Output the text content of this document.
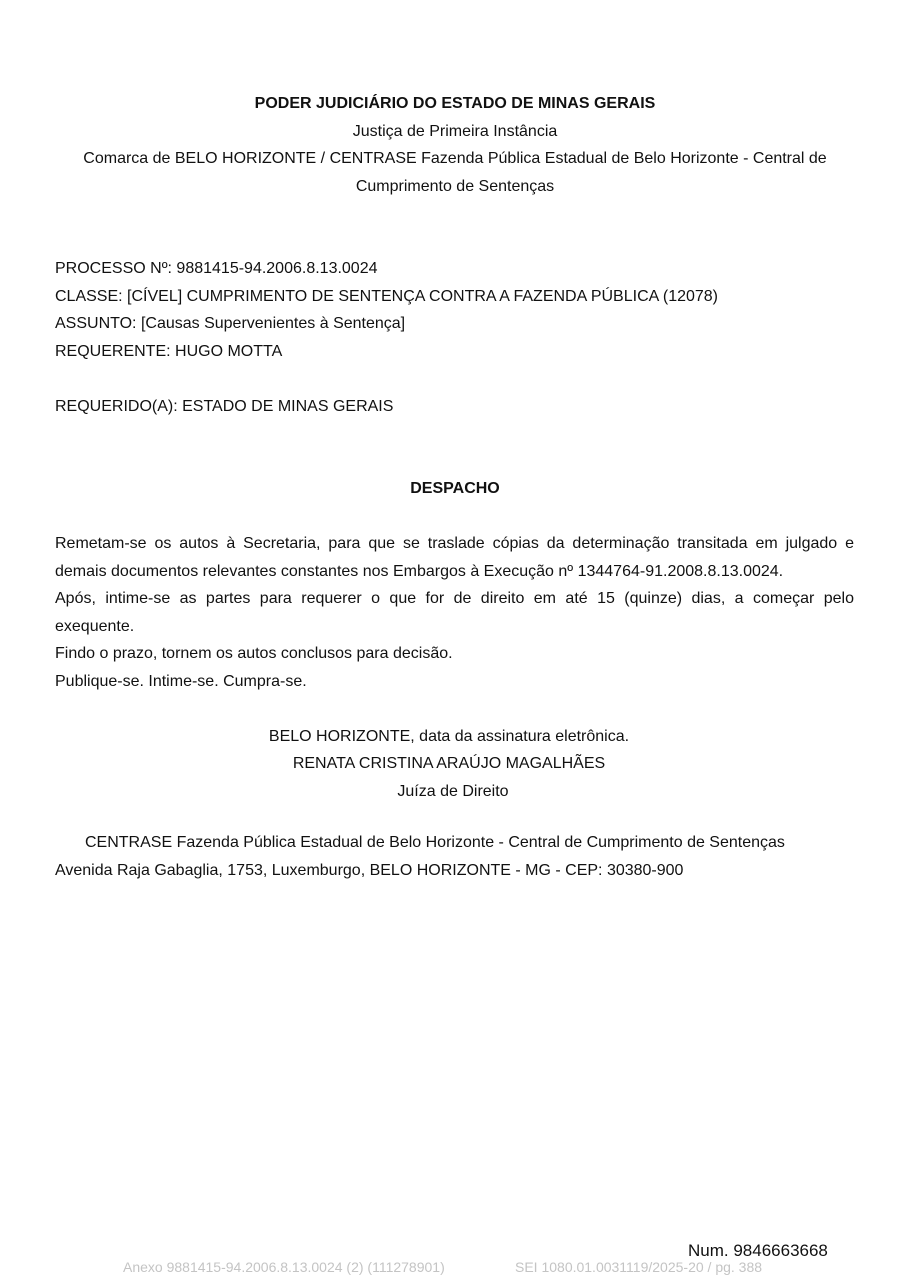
PODER JUDICIÁRIO DO ESTADO DE MINAS GERAIS
Justiça de Primeira Instância
Comarca de BELO HORIZONTE / CENTRASE Fazenda Pública Estadual de Belo Horizonte - Central de
Cumprimento de Sentenças
PROCESSO Nº: 9881415-94.2006.8.13.0024
CLASSE: [CÍVEL] CUMPRIMENTO DE SENTENÇA CONTRA A FAZENDA PÚBLICA (12078)
ASSUNTO: [Causas Supervenientes à Sentença]
REQUERENTE: HUGO MOTTA
REQUERIDO(A): ESTADO DE MINAS GERAIS
DESPACHO
Remetam-se os autos à Secretaria, para que se traslade cópias da determinação transitada em julgado e
demais documentos relevantes constantes nos Embargos à Execução nº 1344764-91.2008.8.13.0024.
Após, intime-se as partes para requerer o que for de direito em até 15 (quinze) dias, a começar pelo
exequente.
Findo o prazo, tornem os autos conclusos para decisão.
Publique-se. Intime-se. Cumpra-se.
BELO HORIZONTE, data da assinatura eletrônica.
RENATA CRISTINA ARAÚJO MAGALHÃES
Juíza de Direito
CENTRASE Fazenda Pública Estadual de Belo Horizonte - Central de Cumprimento de Sentenças
Avenida Raja Gabaglia, 1753, Luxemburgo, BELO HORIZONTE - MG - CEP: 30380-900
Num. 9846663668
Anexo 9881415-94.2006.8.13.0024 (2) (111278901)	SEI 1080.01.0031119/2025-20 / pg. 388
